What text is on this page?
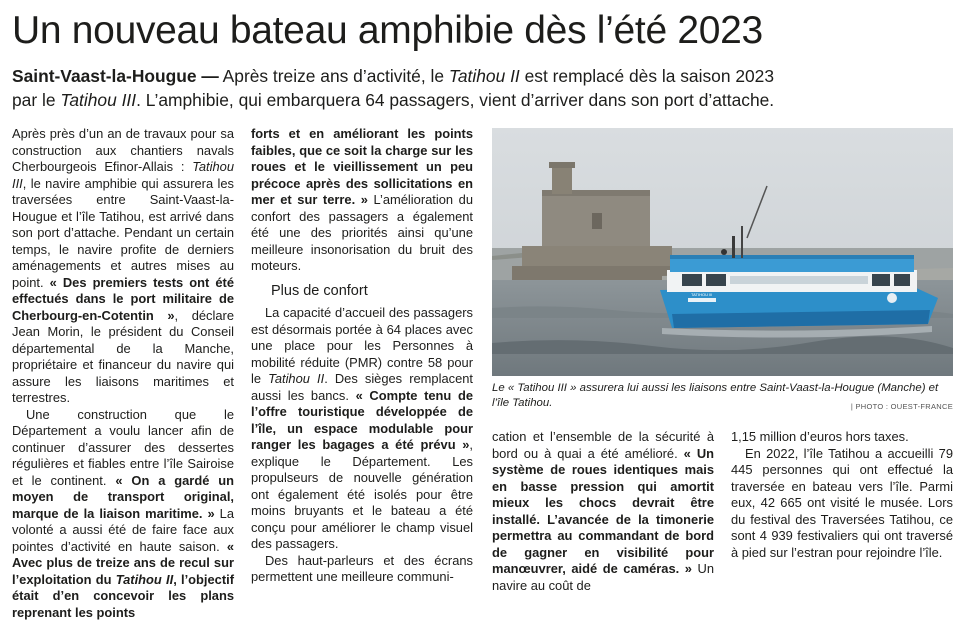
Un nouveau bateau amphibie dès l’été 2023

Saint-Vaast-la-Hougue — Après treize ans d’activité, le Tatihou II est remplacé dès la saison 2023
par le Tatihou III. L’amphibie, qui embarquera 64 passagers, vient d’arriver dans son port d’attache.

Après près d’un an de travaux pour sa construction aux chantiers navals Cherbourgeois Efinor-Allais : Tatihou III, le navire amphibie qui assurera les traversées entre Saint-Vaast-la-Hougue et l’île Tatihou, est arrivé dans son port d’attache. Pendant un certain temps, le navire profite de derniers aménagements et autres mises au point. « Des premiers tests ont été effectués dans le port militaire de Cherbourg-en-Cotentin », déclare Jean Morin, le président du Conseil départemental de la Manche, propriétaire et financeur du navire qui assure les liaisons maritimes et terrestres.

Une construction que le Département a voulu lancer afin de continuer d’assurer des dessertes régulières et fiables entre l’île Sairoise et le continent. « On a gardé un moyen de transport original, marque de la liaison maritime. » La volonté a aussi été de faire face aux pointes d’activité en haute saison. « Avec plus de treize ans de recul sur l’exploitation du Tatihou II, l’objectif était d’en concevoir les plans reprenant les points

forts et en améliorant les points faibles, que ce soit la charge sur les roues et le vieillissement un peu précoce après des sollicitations en mer et sur terre. » L’amélioration du confort des passagers a également été une des priorités ainsi qu’une meilleure insonorisation du bruit des moteurs.

Plus de confort

La capacité d’accueil des passagers est désormais portée à 64 places avec une place pour les Personnes à mobilité réduite (PMR) contre 58 pour le Tatihou II. Des sièges remplacent aussi les bancs. « Compte tenu de l’offre touristique développée de l’île, un espace modulable pour ranger les bagages a été prévu », explique le Département. Les propulseurs de nouvelle génération ont également été isolés pour être moins bruyants et le bateau a été conçu pour améliorer le champ visuel des passagers.

Des haut-parleurs et des écrans permettent une meilleure communi-

TATIHOU III

Le « Tatihou III » assurera lui aussi les liaisons entre Saint-Vaast-la-Hougue (Manche) et l’île Tatihou.	| PHOTO : OUEST-FRANCE

cation et l’ensemble de la sécurité à bord ou à quai a été amélioré. « Un système de roues identiques mais en basse pression qui amortit mieux les chocs devrait être installé. L’avancée de la timonerie permettra au commandant de bord de gagner en visibilité pour manœuvrer, aidé de caméras. » Un navire au coût de

1,15 million d’euros hors taxes.

En 2022, l’île Tatihou a accueilli 79 445 personnes qui ont effectué la traversée en bateau vers l’île. Parmi eux, 42 665 ont visité le musée. Lors du festival des Traversées Tatihou, ce sont 4 939 festivaliers qui ont traversé à pied sur l’estran pour rejoindre l’île.
